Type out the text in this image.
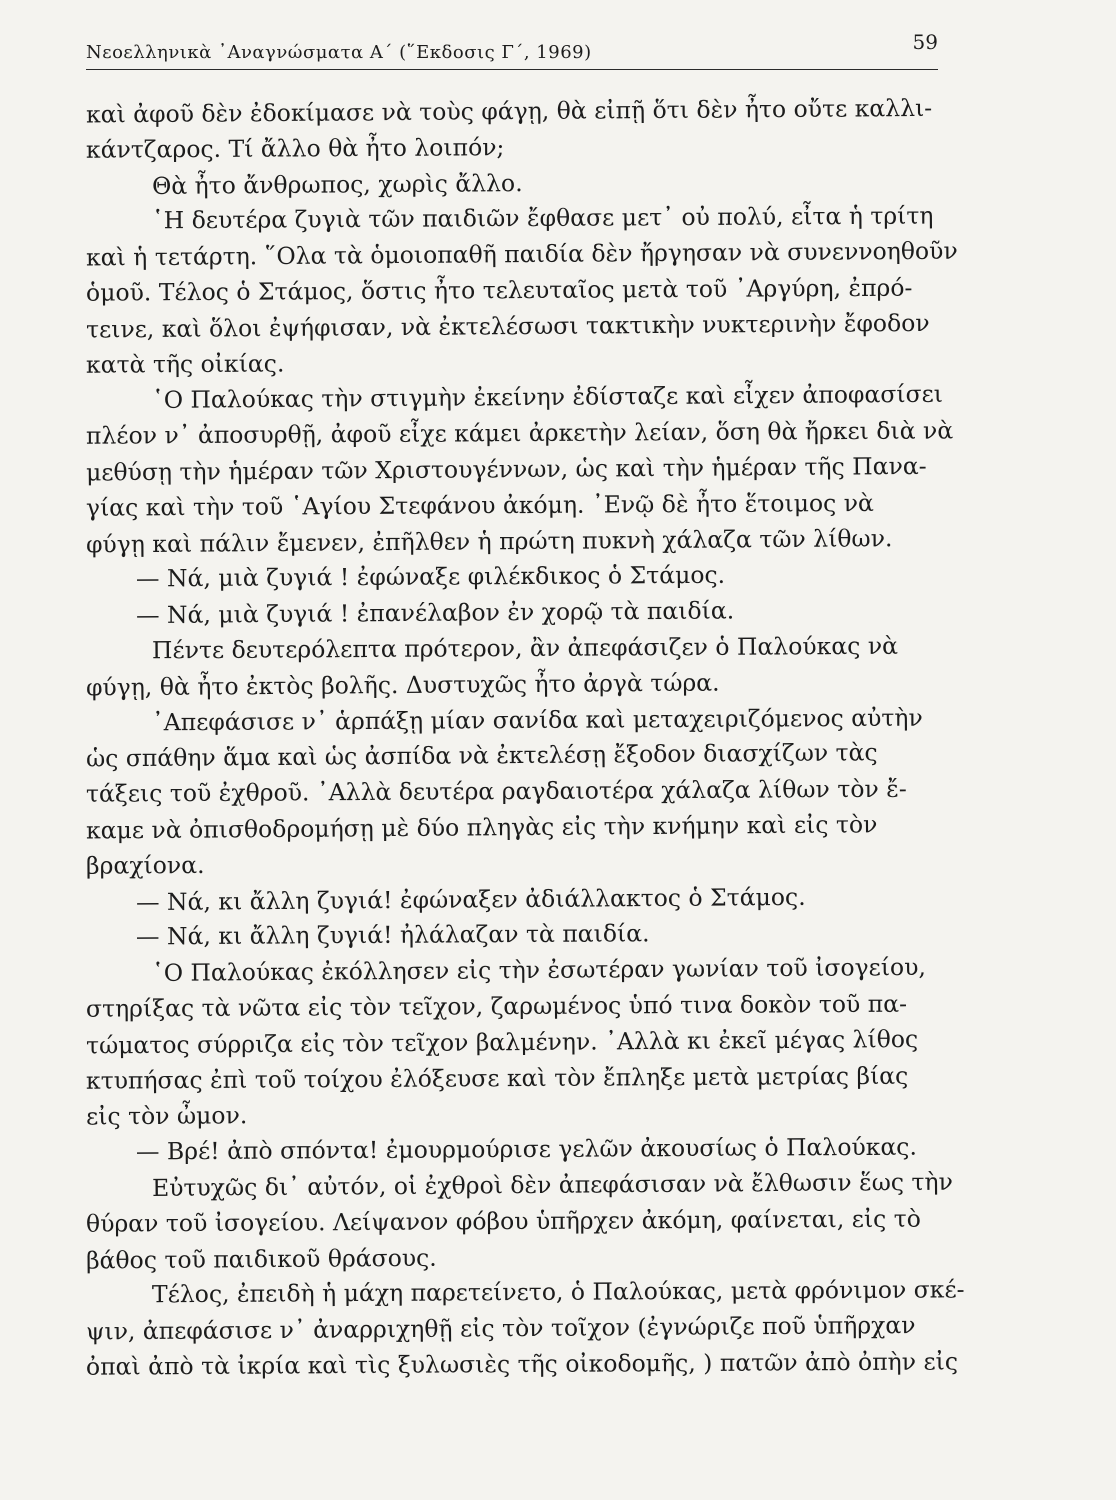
Νεοελληνικὰ ᾿Αναγνώσματα Α΄ (῞Εκδοσις Γ΄, 1969)	59
καὶ ἀφοῦ δὲν ἐδοκίμασε νὰ τοὺς φάγῃ, θὰ εἰπῇ ὅτι δὲν ἦτο οὔτε καλλι-
κάντζαρος. Τί ἄλλο θὰ ἦτο λοιπόν;
Θὰ ἦτο ἄνθρωπος, χωρὶς ἄλλο.
῾Η δευτέρα ζυγιὰ τῶν παιδιῶν ἔφθασε μετ᾿ οὐ πολύ, εἶτα ἡ τρίτη
καὶ ἡ τετάρτη. ῞Ολα τὰ ὁμοιοπαθῆ παιδία δὲν ἤργησαν νὰ συνεννοηθοῦν
ὁμοῦ. Τέλος ὁ Στάμος, ὅστις ἦτο τελευταῖος μετὰ τοῦ ᾿Αργύρη, ἐπρό-
τεινε, καὶ ὅλοι ἐψήφισαν, νὰ ἐκτελέσωσι τακτικὴν νυκτερινὴν ἔφοδον
κατὰ τῆς οἰκίας.
῾Ο Παλούκας τὴν στιγμὴν ἐκείνην ἐδίσταζε καὶ εἶχεν ἀποφασίσει
πλέον ν᾿ ἀποσυρθῇ, ἀφοῦ εἶχε κάμει ἀρκετὴν λείαν, ὅση θὰ ἤρκει διὰ νὰ
μεθύσῃ τὴν ἡμέραν τῶν Χριστουγέννων, ὡς καὶ τὴν ἡμέραν τῆς Πανα-
γίας καὶ τὴν τοῦ ῾Αγίου Στεφάνου ἀκόμη. ᾿Ενῷ δὲ ἦτο ἕτοιμος νὰ
φύγῃ καὶ πάλιν ἔμενεν, ἐπῆλθεν ἡ πρώτη πυκνὴ χάλαζα τῶν λίθων.
— Νά, μιὰ ζυγιά ! ἐφώναξε φιλέκδικος ὁ Στάμος.
— Νά, μιὰ ζυγιά ! ἐπανέλαβον ἐν χορῷ τὰ παιδία.
Πέντε δευτερόλεπτα πρότερον, ἂν ἀπεφάσιζεν ὁ Παλούκας νὰ
φύγῃ, θὰ ἦτο ἐκτὸς βολῆς. Δυστυχῶς ἦτο ἀργὰ τώρα.
᾿Απεφάσισε ν᾿ ἁρπάξῃ μίαν σανίδα καὶ μεταχειριζόμενος αὐτὴν
ὡς σπάθην ἅμα καὶ ὡς ἀσπίδα νὰ ἐκτελέσῃ ἔξοδον διασχίζων τὰς
τάξεις τοῦ ἐχθροῦ. ᾿Αλλὰ δευτέρα ραγδαιοτέρα χάλαζα λίθων τὸν ἔ-
καμε νὰ ὀπισθοδρομήσῃ μὲ δύο πληγὰς εἰς τὴν κνήμην καὶ εἰς τὸν
βραχίονα.
— Νά, κι ἄλλη ζυγιά! ἐφώναξεν ἀδιάλλακτος ὁ Στάμος.
— Νά, κι ἄλλη ζυγιά! ἠλάλαζαν τὰ παιδία.
῾Ο Παλούκας ἐκόλλησεν εἰς τὴν ἐσωτέραν γωνίαν τοῦ ἰσογείου,
στηρίξας τὰ νῶτα εἰς τὸν τεῖχον, ζαρωμένος ὑπό τινα δοκὸν τοῦ πα-
τώματος σύρριζα εἰς τὸν τεῖχον βαλμένην. ᾿Αλλὰ κι ἐκεῖ μέγας λίθος
κτυπήσας ἐπὶ τοῦ τοίχου ἐλόξευσε καὶ τὸν ἔπληξε μετὰ μετρίας βίας
εἰς τὸν ὦμον.
— Βρέ! ἀπὸ σπόντα! ἐμουρμούρισε γελῶν ἀκουσίως ὁ Παλούκας.
Εὐτυχῶς δι᾿ αὐτόν, οἱ ἐχθροὶ δὲν ἀπεφάσισαν νὰ ἔλθωσιν ἕως τὴν
θύραν τοῦ ἰσογείου. Λείψανον φόβου ὑπῆρχεν ἀκόμη, φαίνεται, εἰς τὸ
βάθος τοῦ παιδικοῦ θράσους.
Τέλος, ἐπειδὴ ἡ μάχη παρετείνετο, ὁ Παλούκας, μετὰ φρόνιμον σκέ-
ψιν, ἀπεφάσισε ν᾿ ἀναρριχηθῇ εἰς τὸν τοῖχον (ἐγνώριζε ποῦ ὑπῆρχαν
ὀπαὶ ἀπὸ τὰ ἰκρία καὶ τὶς ξυλωσιὲς τῆς οἰκοδομῆς, ) πατῶν ἀπὸ ὀπὴν εἰς
